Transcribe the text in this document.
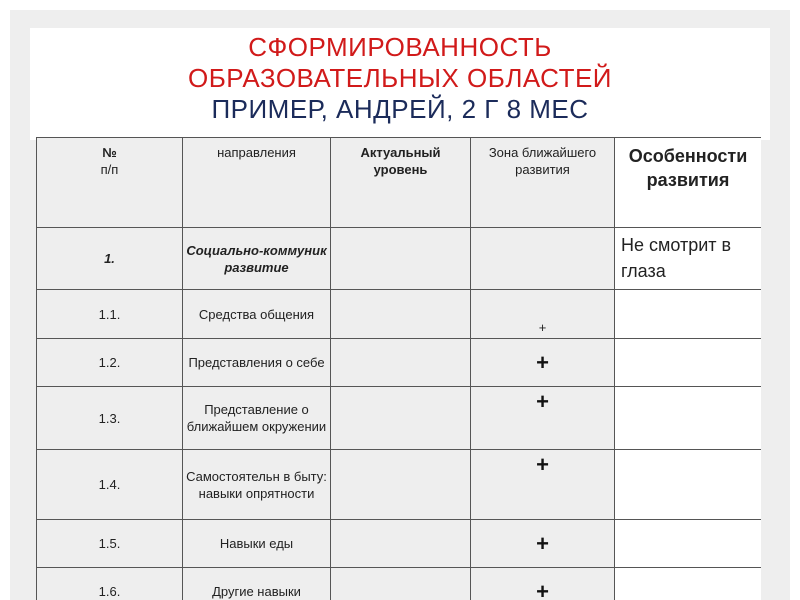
СФОРМИРОВАННОСТЬ
ОБРАЗОВАТЕЛЬНЫХ ОБЛАСТЕЙ
ПРИМЕР, АНДРЕЙ, 2 Г 8 МЕС
№
п/п	направления	Актуальный уровень	Зона ближайшего развития	Особенности развития
1.	Социально-коммуник развитие			Не смотрит в глаза
1.1.	Средства общения		+	
1.2.	Представления о себе		+	
1.3.	Представление о ближайшем окружении		+	
1.4.	Самостоятельн в быту: навыки опрятности		+	
1.5.	Навыки еды		+	
1.6.	Другие навыки		+	
